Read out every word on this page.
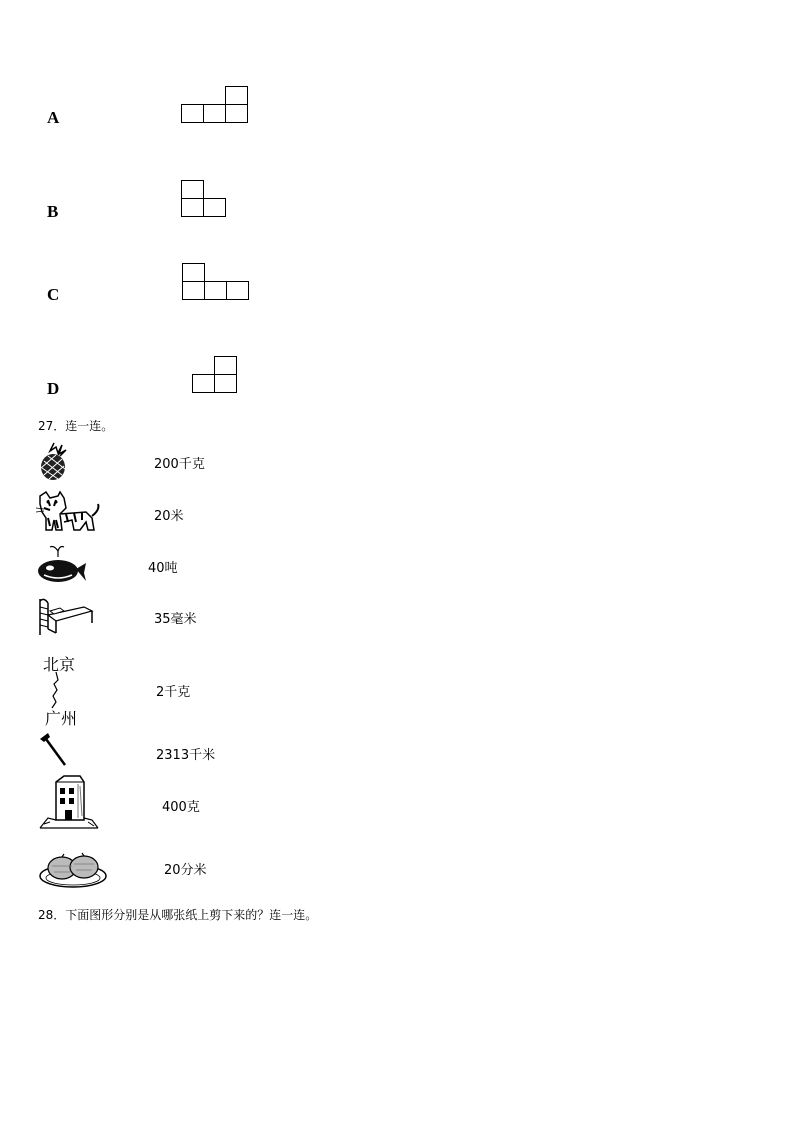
A
B
C
D
27．连一连。
200千克
20米
40吨
35毫米
北京
广州
2千克
2313千米
400克
20分米
28．下面图形分别是从哪张纸上剪下来的？连一连。
